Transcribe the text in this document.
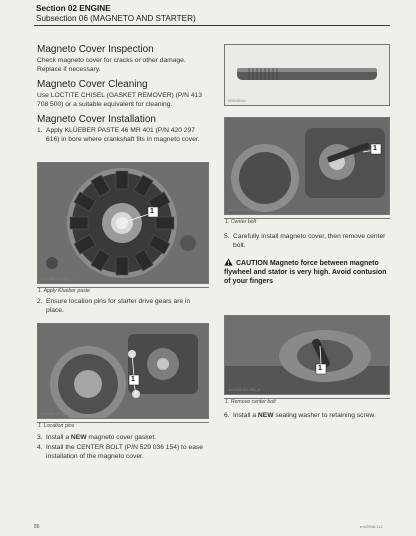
Section 02 ENGINE
Subsection 06 (MAGNETO AND STARTER)
Magneto Cover Inspection
Check magneto cover for cracks or other damage. Replace if necessary.
Magneto Cover Cleaning
Use LOCTITE CHISEL (GASKET REMOVER) (P/N 413 708 500) or a suitable equivalent for cleaning.
Magneto Cover Installation
1. Apply KLÜEBER PASTE 46 MR 401 (P/N 420 297 616) in bore where crankshaft fits in magneto cover.
rmr2008-117-003_a
1
1. Apply Klueber paste
2. Ensure location pins for starter drive gears are in place.
rmr2008-117-004_a
1
1. Location pins
3. Install a NEW magneto cover gasket.
4. Install the CENTER BOLT (P/N 529 036 154) to ease installation of the magneto cover.
529036154
rmr2008-117-005_a
1
1. Center bolt
5. Carefully install magneto cover, then remove center bolt.
CAUTION Magneto force between magneto flywheel and stator is very high. Avoid contusion of your fingers
rmr2008-117-006_a
1
1. Remove center bolt
6. Install a NEW sealing washer to retaining screw.
86	rmr2008-112
